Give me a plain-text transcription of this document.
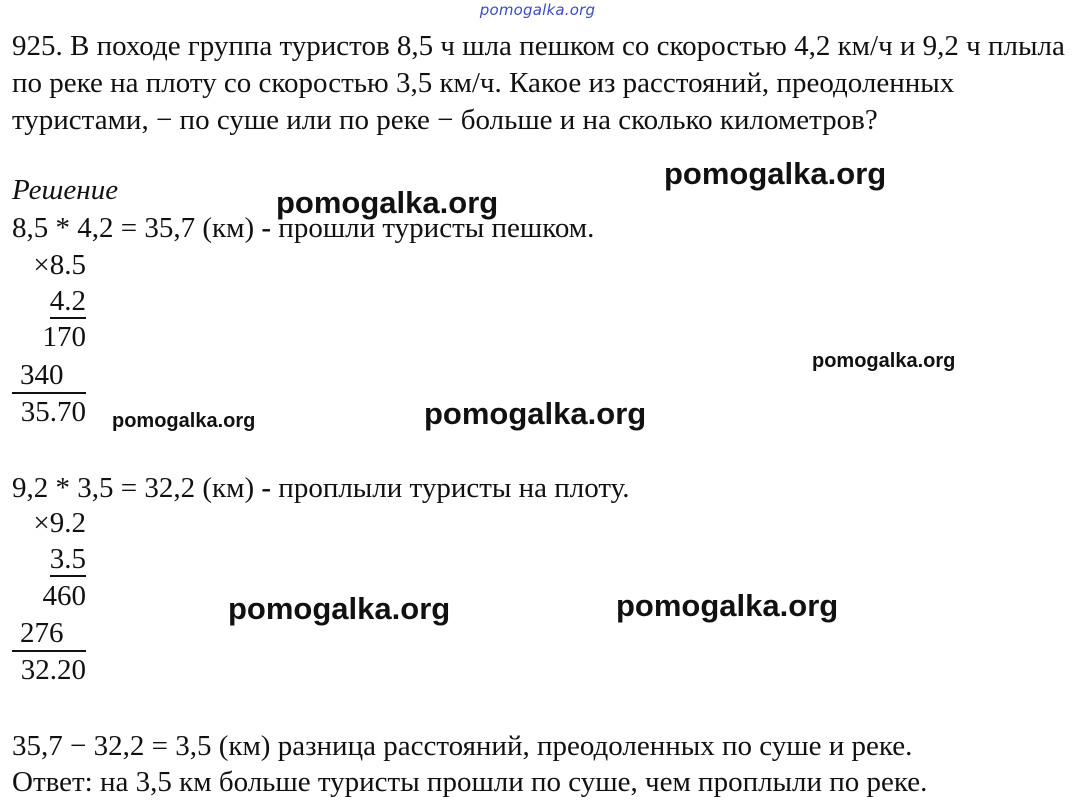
pomogalka.org
925. В походе группа туристов 8,5 ч шла пешком со скоростью 4,2 км/ч и 9,2 ч плыла по реке на плоту со скоростью 3,5 км/ч. Какое из расстояний, преодоленных туристами, − по суше или по реке − больше и на сколько километров?
Решение
8,5 * 4,2 = 35,7 (км) - прошли туристы пешком.
×8.5
4.2
170
340
35.70
9,2 * 3,5 = 32,2 (км) - проплыли туристы на плоту.
×9.2
3.5
460
276
32.20
35,7 − 32,2 = 3,5 (км) разница расстояний, преодоленных по суше и реке.
Ответ: на 3,5 км больше туристы прошли по суше, чем проплыли по реке.
pomogalka.org
pomogalka.org
pomogalka.org
pomogalka.org
pomogalka.org
pomogalka.org	pomogalka.org
